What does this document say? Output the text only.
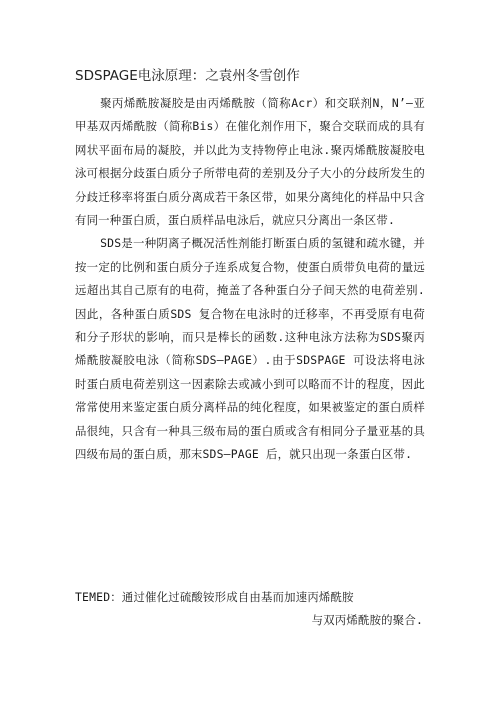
SDSPAGE电泳原理：之袁州冬雪创作

聚丙烯酰胺凝胶是由丙烯酰胺（简称Acr）和交联剂N，N’—亚甲基双丙烯酰胺（简称Bis）在催化剂作用下，聚合交联而成的具有网状平面布局的凝胶，并以此为支持物停止电泳.聚丙烯酰胺凝胶电泳可根据分歧蛋白质分子所带电荷的差别及分子大小的分歧所发生的分歧迁移率将蛋白质分离成若干条区带，如果分离纯化的样品中只含有同一种蛋白质，蛋白质样品电泳后，就应只分离出一条区带.

SDS是一种阴离子概况活性剂能打断蛋白质的氢键和疏水键，并按一定的比例和蛋白质分子连系成复合物，使蛋白质带负电荷的量远远超出其自己原有的电荷，掩盖了各种蛋白分子间天然的电荷差别.因此，各种蛋白质SDS 复合物在电泳时的迁移率，不再受原有电荷和分子形状的影响，而只是棒长的函数.这种电泳方法称为SDS聚丙烯酰胺凝胶电泳（简称SDS—PAGE）.由于SDSPAGE 可设法将电泳时蛋白质电荷差别这一因素除去或减小到可以略而不计的程度，因此常常使用来鉴定蛋白质分离样品的纯化程度，如果被鉴定的蛋白质样品很纯，只含有一种具三级布局的蛋白质或含有相同分子量亚基的具四级布局的蛋白质，那末SDS—PAGE 后，就只出现一条蛋白区带.

TEMED：通过催化过硫酸铵形成自由基而加速丙烯酰胺
与双丙烯酰胺的聚合.
